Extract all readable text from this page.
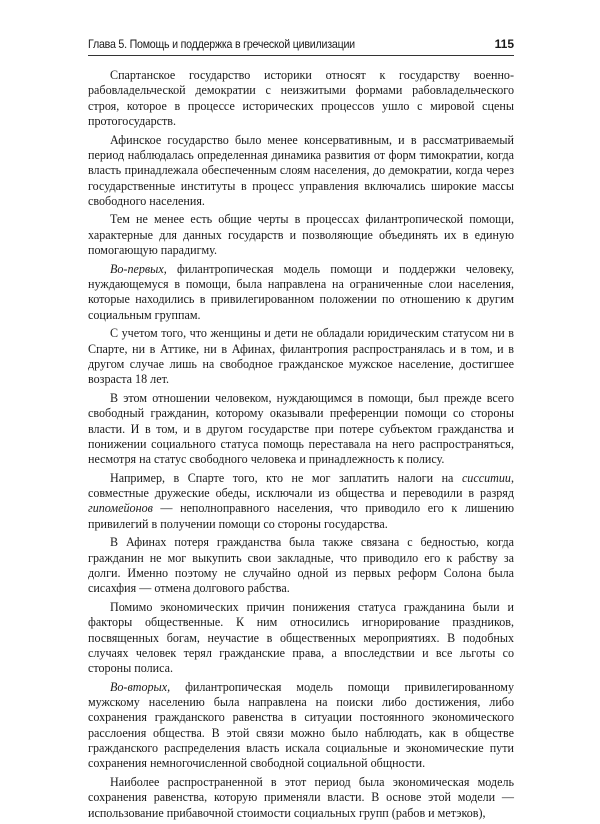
Глава 5. Помощь и поддержка в греческой цивилизации	115

Спартанское государство историки относят к государству военно-рабовладельческой демократии с неизжитыми формами рабовладельческого строя, которое в процессе исторических процессов ушло с мировой сцены протогосударств.

Афинское государство было менее консервативным, и в рассматриваемый период наблюдалась определенная динамика развития от форм тимократии, когда власть принадлежала обеспеченным слоям населения, до демократии, когда через государственные институты в процесс управления включались широкие массы свободного населения.

Тем не менее есть общие черты в процессах филантропической помощи, характерные для данных государств и позволяющие объединять их в единую помогающую парадигму.

Во-первых, филантропическая модель помощи и поддержки человеку, нуждающемуся в помощи, была направлена на ограниченные слои населения, которые находились в привилегированном положении по отношению к другим социальным группам.

С учетом того, что женщины и дети не обладали юридическим статусом ни в Спарте, ни в Аттике, ни в Афинах, филантропия распространялась и в том, и в другом случае лишь на свободное гражданское мужское население, достигшее возраста 18 лет.

В этом отношении человеком, нуждающимся в помощи, был прежде всего свободный гражданин, которому оказывали преференции помощи со стороны власти. И в том, и в другом государстве при потере субъектом гражданства и понижении социального статуса помощь переставала на него распространяться, несмотря на статус свободного человека и принадлежность к полису.

Например, в Спарте того, кто не мог заплатить налоги на сисситии, совместные дружеские обеды, исключали из общества и переводили в разряд гипомейонов — неполноправного населения, что приводило его к лишению привилегий в получении помощи со стороны государства.

В Афинах потеря гражданства была также связана с бедностью, когда гражданин не мог выкупить свои закладные, что приводило его к рабству за долги. Именно поэтому не случайно одной из первых реформ Солона была сисахфия — отмена долгового рабства.

Помимо экономических причин понижения статуса гражданина были и факторы общественные. К ним относились игнорирование праздников, посвященных богам, неучастие в общественных мероприятиях. В подобных случаях человек терял гражданские права, а впоследствии и все льготы со стороны полиса.

Во-вторых, филантропическая модель помощи привилегированному мужскому населению была направлена на поиски либо достижения, либо сохранения гражданского равенства в ситуации постоянного экономического расслоения общества. В этой связи можно было наблюдать, как в обществе гражданского распределения власть искала социальные и экономические пути сохранения немногочисленной свободной социальной общности.

Наиболее распространенной в этот период была экономическая модель сохранения равенства, которую применяли власти. В основе этой модели —использование прибавочной стоимости социальных групп (рабов и метэков),
